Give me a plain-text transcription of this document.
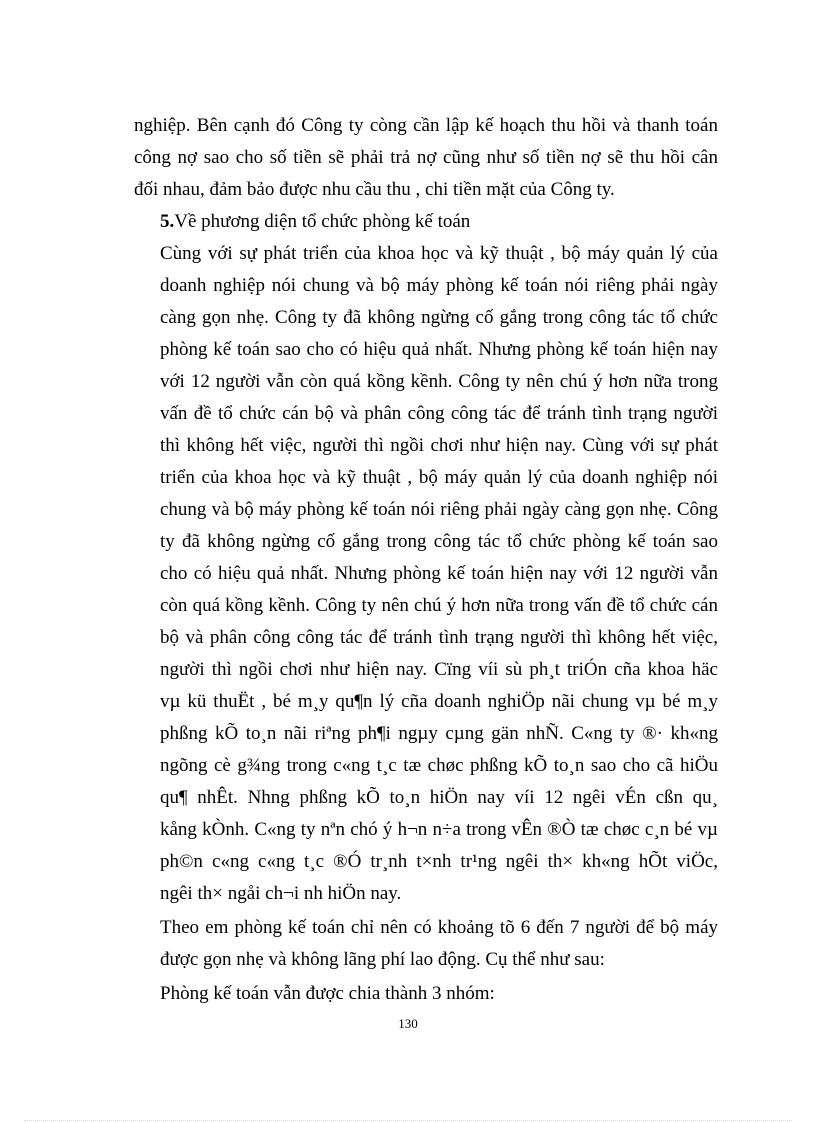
nghiệp. Bên cạnh đó Công ty còng cần lập kế hoạch thu hồi và thanh toán
công nợ sao cho số tiền sẽ phải trả nợ cũng như số tiền nợ sẽ thu hồi cân
đối nhau, đảm bảo được nhu cầu thu , chi tiền mặt của Công ty.
5.Về phương diện tổ chức phòng kế toán
Cùng với sự phát triển của khoa học và kỹ thuật , bộ máy quản lý của
doanh nghiệp nói chung và bộ máy phòng kế toán nói riêng phải ngày
càng gọn nhẹ. Công ty đã không ngừng cố gắng trong công tác tổ chức
phòng kế toán sao cho có hiệu quả nhất. Nhưng phòng kế toán hiện nay
với 12 người vẫn còn quá kồng kềnh. Công ty nên chú ý hơn nữa trong
vấn đề tổ chức cán bộ và phân công công tác để tránh tình trạng người
thì không hết việc, người thì ngồi chơi như hiện nay. Cùng với sự phát
triển của khoa học và kỹ thuật , bộ máy quản lý của doanh nghiệp nói
chung và bộ máy phòng kế toán nói riêng phải ngày càng gọn nhẹ. Công
ty đã không ngừng cố gắng trong công tác tổ chức phòng kế toán sao
cho có hiệu quả nhất. Nhưng phòng kế toán hiện nay với 12 người vẫn
còn quá kồng kềnh. Công ty nên chú ý hơn nữa trong vấn đề tổ chức cán
bộ và phân công công tác để tránh tình trạng người thì không hết việc,
người thì ngồi chơi như hiện nay. Cïng víi sù ph¸t triÓn cña khoa häc
vµ kü thuËt , bé m¸y qu¶n lý cña doanh nghiÖp nãi chung vµ bé m¸y
phßng kÕ to¸n nãi riªng ph¶i ngµy cµng gän nhÑ. C«ng ty ®· kh«ng
ngõng cè g¾ng trong c«ng t¸c tæ chøc phßng kÕ to¸n sao cho cã hiÖu
qu¶ nhÊt. Nhng phßng kÕ to¸n hiÖn nay víi 12 ngêi vÉn cßn qu¸
kång kÒnh. C«ng ty nªn chó ý h¬n n÷a trong vÊn ®Ò tæ chøc c¸n bé vµ
ph©n c«ng c«ng t¸c ®Ó tr¸nh t×nh tr¹ng ngêi th× kh«ng hÕt viÖc,
ngêi th× ngåi ch¬i nh hiÖn nay.
Theo em phòng kế toán chỉ nên có khoảng tõ 6 đến 7 người để bộ máy
được gọn nhẹ và không lãng phí lao động. Cụ thể như sau:
Phòng kế toán vẫn được chia thành 3 nhóm:
130
